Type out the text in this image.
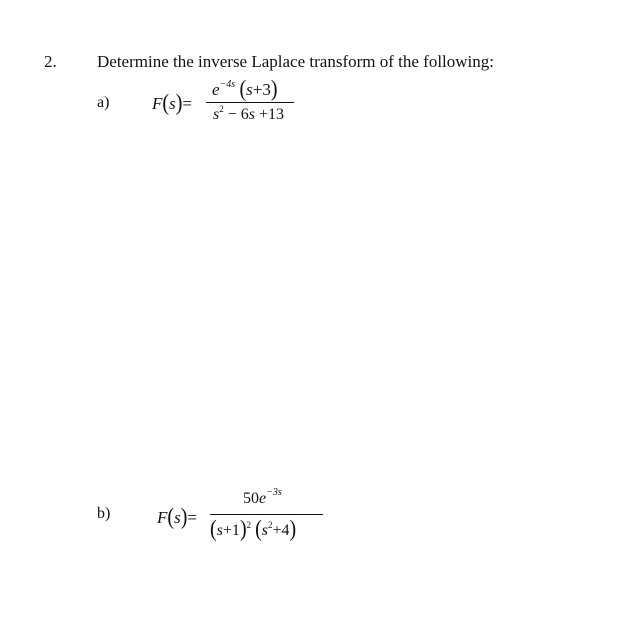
2. Determine the inverse Laplace transform of the following:
a)	F(s)=
$e^{-4s}$ (s+3)
$s^2 - 6s +13$
b)	F(s)=
$50e^{-3s}$
$(s+1)^2$ $(s^2+4)$
